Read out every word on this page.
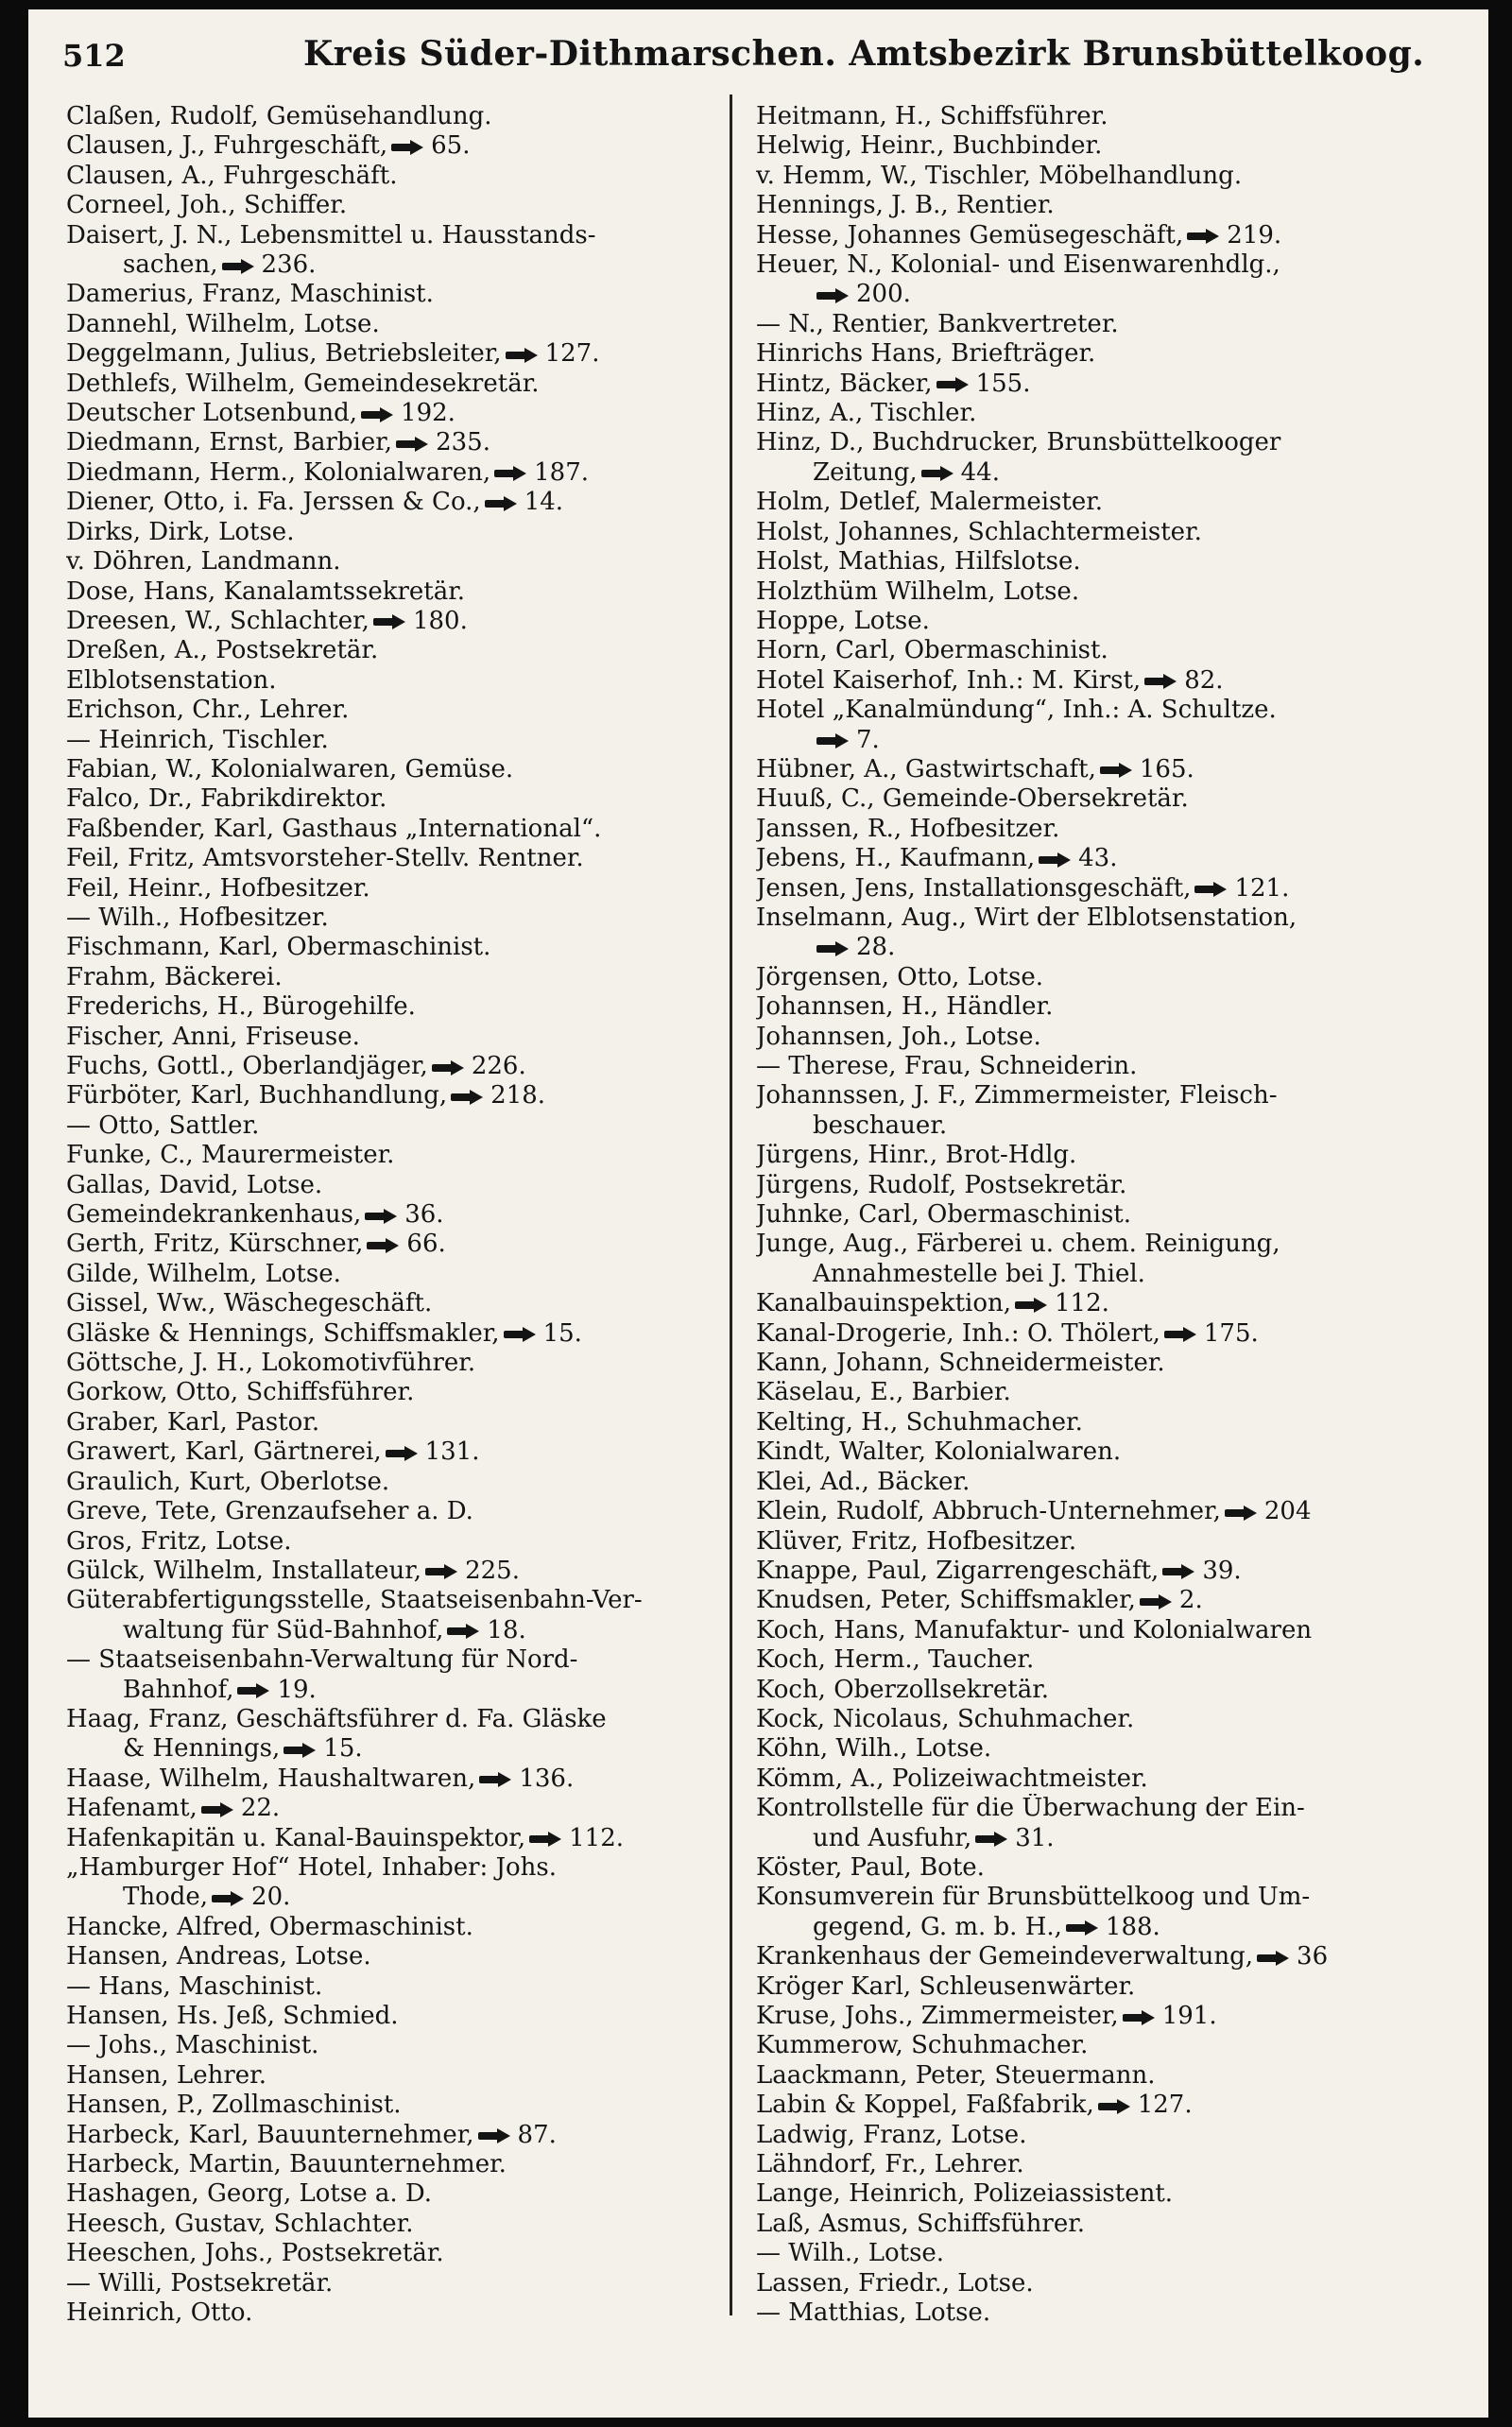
512	Kreis Süder-Dithmarschen. Amtsbezirk Brunsbüttelkoog.
Claßen, Rudolf, Gemüsehandlung.
Clausen, J., Fuhrgeschäft, 65.
Clausen, A., Fuhrgeschäft.
Corneel, Joh., Schiffer.
Daisert, J. N., Lebensmittel u. Hausstands-
sachen, 236.
Damerius, Franz, Maschinist.
Dannehl, Wilhelm, Lotse.
Deggelmann, Julius, Betriebsleiter, 127.
Dethlefs, Wilhelm, Gemeindesekretär.
Deutscher Lotsenbund, 192.
Diedmann, Ernst, Barbier, 235.
Diedmann, Herm., Kolonialwaren, 187.
Diener, Otto, i. Fa. Jerssen & Co., 14.
Dirks, Dirk, Lotse.
v. Döhren, Landmann.
Dose, Hans, Kanalamtssekretär.
Dreesen, W., Schlachter, 180.
Dreßen, A., Postsekretär.
Elblotsenstation.
Erichson, Chr., Lehrer.
— Heinrich, Tischler.
Fabian, W., Kolonialwaren, Gemüse.
Falco, Dr., Fabrikdirektor.
Faßbender, Karl, Gasthaus „International“.
Feil, Fritz, Amtsvorsteher-Stellv. Rentner.
Feil, Heinr., Hofbesitzer.
— Wilh., Hofbesitzer.
Fischmann, Karl, Obermaschinist.
Frahm, Bäckerei.
Frederichs, H., Bürogehilfe.
Fischer, Anni, Friseuse.
Fuchs, Gottl., Oberlandjäger, 226.
Fürböter, Karl, Buchhandlung, 218.
— Otto, Sattler.
Funke, C., Maurermeister.
Gallas, David, Lotse.
Gemeindekrankenhaus, 36.
Gerth, Fritz, Kürschner, 66.
Gilde, Wilhelm, Lotse.
Gissel, Ww., Wäschegeschäft.
Gläske & Hennings, Schiffsmakler, 15.
Göttsche, J. H., Lokomotivführer.
Gorkow, Otto, Schiffsführer.
Graber, Karl, Pastor.
Grawert, Karl, Gärtnerei, 131.
Graulich, Kurt, Oberlotse.
Greve, Tete, Grenzaufseher a. D.
Gros, Fritz, Lotse.
Gülck, Wilhelm, Installateur, 225.
Güterabfertigungsstelle, Staatseisenbahn-Ver-
waltung für Süd-Bahnhof, 18.
— Staatseisenbahn-Verwaltung für Nord-
Bahnhof, 19.
Haag, Franz, Geschäftsführer d. Fa. Gläske
& Hennings, 15.
Haase, Wilhelm, Haushaltwaren, 136.
Hafenamt, 22.
Hafenkapitän u. Kanal-Bauinspektor, 112.
„Hamburger Hof“ Hotel, Inhaber: Johs.
Thode, 20.
Hancke, Alfred, Obermaschinist.
Hansen, Andreas, Lotse.
— Hans, Maschinist.
Hansen, Hs. Jeß, Schmied.
— Johs., Maschinist.
Hansen, Lehrer.
Hansen, P., Zollmaschinist.
Harbeck, Karl, Bauunternehmer, 87.
Harbeck, Martin, Bauunternehmer.
Hashagen, Georg, Lotse a. D.
Heesch, Gustav, Schlachter.
Heeschen, Johs., Postsekretär.
— Willi, Postsekretär.
Heinrich, Otto.
Heitmann, H., Schiffsführer.
Helwig, Heinr., Buchbinder.
v. Hemm, W., Tischler, Möbelhandlung.
Hennings, J. B., Rentier.
Hesse, Johannes Gemüsegeschäft, 219.
Heuer, N., Kolonial- und Eisenwarenhdlg.,
200.
— N., Rentier, Bankvertreter.
Hinrichs Hans, Briefträger.
Hintz, Bäcker, 155.
Hinz, A., Tischler.
Hinz, D., Buchdrucker, Brunsbüttelkooger
Zeitung, 44.
Holm, Detlef, Malermeister.
Holst, Johannes, Schlachtermeister.
Holst, Mathias, Hilfslotse.
Holzthüm Wilhelm, Lotse.
Hoppe, Lotse.
Horn, Carl, Obermaschinist.
Hotel Kaiserhof, Inh.: M. Kirst, 82.
Hotel „Kanalmündung“, Inh.: A. Schultze.
7.
Hübner, A., Gastwirtschaft, 165.
Huuß, C., Gemeinde-Obersekretär.
Janssen, R., Hofbesitzer.
Jebens, H., Kaufmann, 43.
Jensen, Jens, Installationsgeschäft, 121.
Inselmann, Aug., Wirt der Elblotsenstation,
28.
Jörgensen, Otto, Lotse.
Johannsen, H., Händler.
Johannsen, Joh., Lotse.
— Therese, Frau, Schneiderin.
Johannssen, J. F., Zimmermeister, Fleisch-
beschauer.
Jürgens, Hinr., Brot-Hdlg.
Jürgens, Rudolf, Postsekretär.
Juhnke, Carl, Obermaschinist.
Junge, Aug., Färberei u. chem. Reinigung,
Annahmestelle bei J. Thiel.
Kanalbauinspektion, 112.
Kanal-Drogerie, Inh.: O. Thölert, 175.
Kann, Johann, Schneidermeister.
Käselau, E., Barbier.
Kelting, H., Schuhmacher.
Kindt, Walter, Kolonialwaren.
Klei, Ad., Bäcker.
Klein, Rudolf, Abbruch-Unternehmer, 204
Klüver, Fritz, Hofbesitzer.
Knappe, Paul, Zigarrengeschäft, 39.
Knudsen, Peter, Schiffsmakler, 2.
Koch, Hans, Manufaktur- und Kolonialwaren
Koch, Herm., Taucher.
Koch, Oberzollsekretär.
Kock, Nicolaus, Schuhmacher.
Köhn, Wilh., Lotse.
Kömm, A., Polizeiwachtmeister.
Kontrollstelle für die Überwachung der Ein-
und Ausfuhr, 31.
Köster, Paul, Bote.
Konsumverein für Brunsbüttelkoog und Um-
gegend, G. m. b. H., 188.
Krankenhaus der Gemeindeverwaltung, 36
Kröger Karl, Schleusenwärter.
Kruse, Johs., Zimmermeister, 191.
Kummerow, Schuhmacher.
Laackmann, Peter, Steuermann.
Labin & Koppel, Faßfabrik, 127.
Ladwig, Franz, Lotse.
Lähndorf, Fr., Lehrer.
Lange, Heinrich, Polizeiassistent.
Laß, Asmus, Schiffsführer.
— Wilh., Lotse.
Lassen, Friedr., Lotse.
— Matthias, Lotse.
